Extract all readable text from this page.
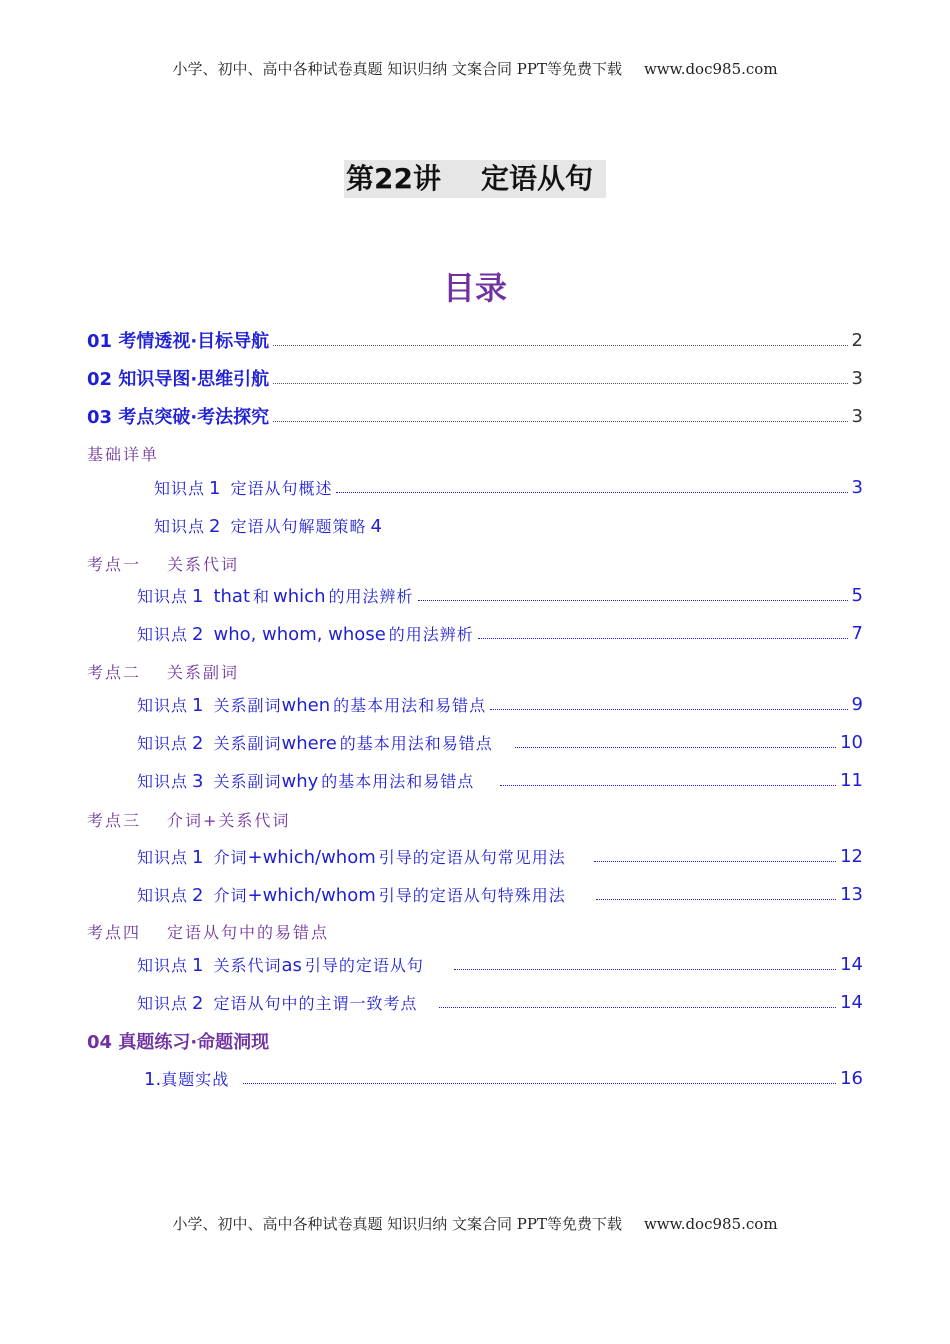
小学、初中、高中各种试卷真题 知识归纳 文案合同 PPT等免费下载 www.doc985.com
第22讲 定语从句
目录
01 考情透视·目标导航	2
02 知识导图·思维引航	3
03 考点突破·考法探究	3
基础详单
知识点 1 定语从句概述	3
知识点 2 定语从句解题策略 4
考点一 关系代词
知识点 1 that 和 which 的用法辨析	5
知识点 2 who, whom, whose 的用法辨析	7
考点二 关系副词
知识点 1 关系副词when 的基本用法和易错点	9
知识点 2 关系副词where 的基本用法和易错点	10
知识点 3 关系副词why 的基本用法和易错点	11
考点三 介词+关系代词
知识点 1 介词+which/whom 引导的定语从句常见用法	12
知识点 2 介词+which/whom 引导的定语从句特殊用法	13
考点四 定语从句中的易错点
知识点 1 关系代词as 引导的定语从句	14
知识点 2 定语从句中的主谓一致考点	14
04 真题练习·命题洞现
1.真题实战	16
小学、初中、高中各种试卷真题 知识归纳 文案合同 PPT等免费下载 www.doc985.com
